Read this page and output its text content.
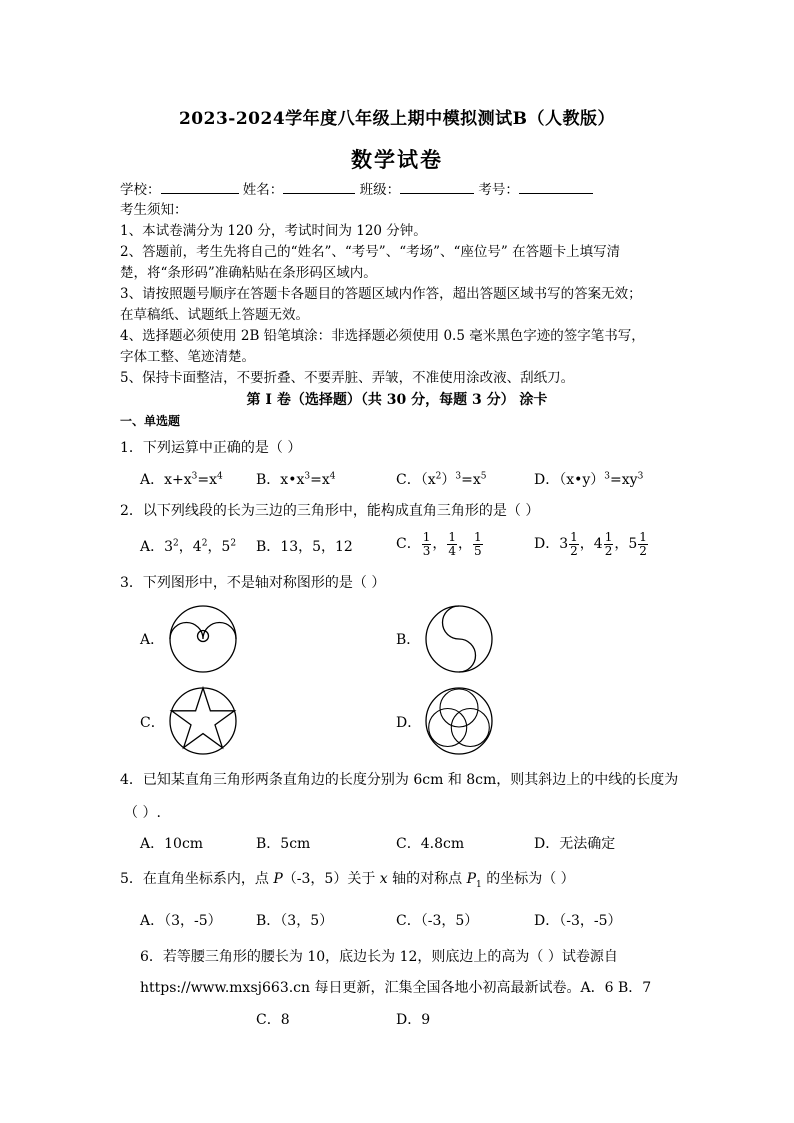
2023-2024学年度八年级上期中模拟测试B（人教版）
数学试卷
学校：	姓名：	班级：	考号：
考生须知：
1、本试卷满分为 120 分，考试时间为 120 分钟。
2、答题前，考生先将自己的“姓名”、“考号”、“考场”、“座位号” 在答题卡上填写清
楚，将“条形码”准确粘贴在条形码区域内。
3、请按照题号顺序在答题卡各题目的答题区域内作答，超出答题区域书写的答案无效；
在草稿纸、试题纸上答题无效。
4、选择题必须使用 2B 铅笔填涂：非选择题必须使用 0.5 毫米黑色字迹的签字笔书写，
字体工整、笔迹清楚。
5、保持卡面整洁，不要折叠、不要弄脏、弄皱，不准使用涂改液、刮纸刀。
第 I 卷（选择题）（共 30 分，每题 3 分） 涂卡
一、单选题
1．下列运算中正确的是（ ）
A．$x+x^3=x^4$ B．$x•x^3=x^4$	C．$(x^2)^3=x^5$	D．$(x•y)^3=xy^3$
2．以下列线段的长为三边的三角形中，能构成直角三角形的是（ ）
A．$3^2$，$4^2$，$5^2$ B．13，5，12	C． $\frac{1}{3}$ ， $\frac{1}{4}$ ， $\frac{1}{5}$	D．$3 \frac{1}{2}$ ，$4 \frac{1}{2}$ ，$5 \frac{1}{2}$
3．下列图形中，不是轴对称图形的是（ ）
A．	B．
C．	D．
4．已知某直角三角形两条直角边的长度分别为 6cm 和 8cm，则其斜边上的中线的长度为
（ ）.
A．10cm	B．5cm	C．4.8cm	D．无法确定
5．在直角坐标系内，点 P（-3，5）关于 x 轴的对称点 $P_1$ 的坐标为（ ）
A．（3，-5） B．（3，5）	C．（-3，5）	D．（-3，-5）
6．若等腰三角形的腰长为 10，底边长为 12，则底边上的高为（ ）试卷源自
https://www.mxsj663.cn 每日更新，汇集全国各地小初高最新试卷。A．6 B．7
C．8	D．9
